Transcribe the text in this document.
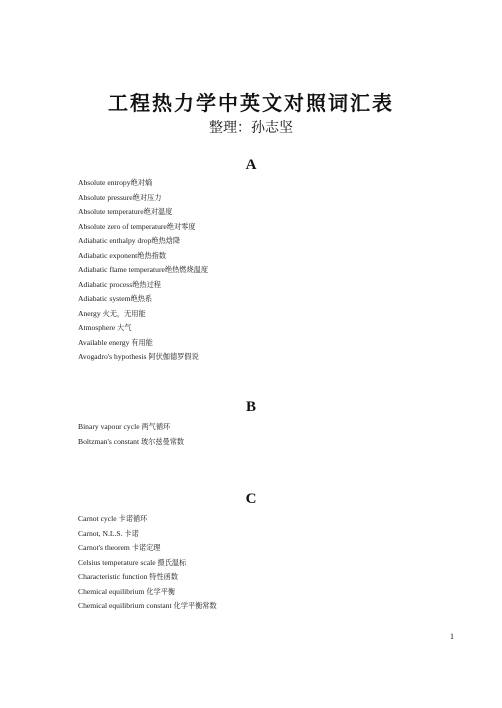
工程热力学中英文对照词汇表
整理：孙志坚
A
Absolute entropy绝对熵
Absolute pressure绝对压力
Absolute temperature绝对温度
Absolute zero of temperature绝对零度
Adiabatic enthalpy drop绝热焓降
Adiabatic exponent绝热指数
Adiabatic flame temperature绝热燃烧温度
Adiabatic process绝热过程
Adiabatic system绝热系
Anergy 火无，无用能
Atmosphere 大气
Available energy 有用能
Avogadro's hypothesis 阿伏伽德罗假说
B
Binary vapour cycle 两气循环
Boltzman's constant 玻尔兹曼常数
C
Carnot cycle 卡诺循环
Carnot, N.L.S. 卡诺
Carnot's theorem 卡诺定理
Celsius temperature scale 摄氏温标
Characteristic function 特性函数
Chemical equilibrium 化学平衡
Chemical equilibrium constant 化学平衡常数
1
